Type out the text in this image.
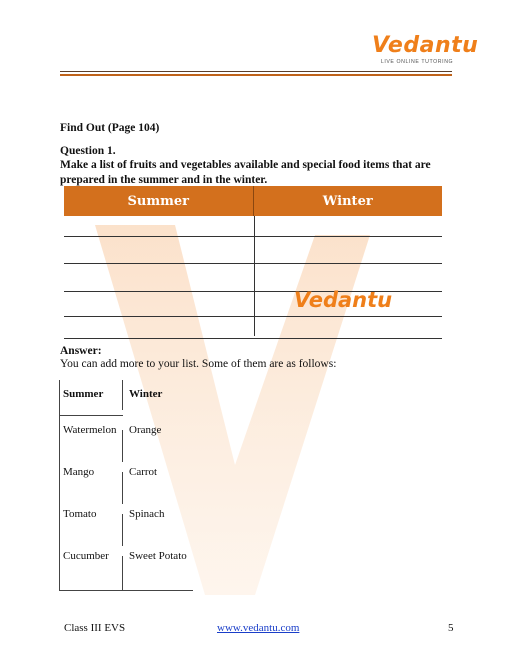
Vedantu
LIVE ONLINE TUTORING
Find Out (Page 104)
Question 1.
Make a list of fruits and vegetables available and special food items that are prepared in the summer and in the winter.
Summer	Winter
Vedantu
Answer:
You can add more to your list. Some of them are as follows:
Summer	Winter
Watermelon	Orange
Mango	Carrot
Tomato	Spinach
Cucumber	Sweet Potato
Class III EVS	www.vedantu.com	5
